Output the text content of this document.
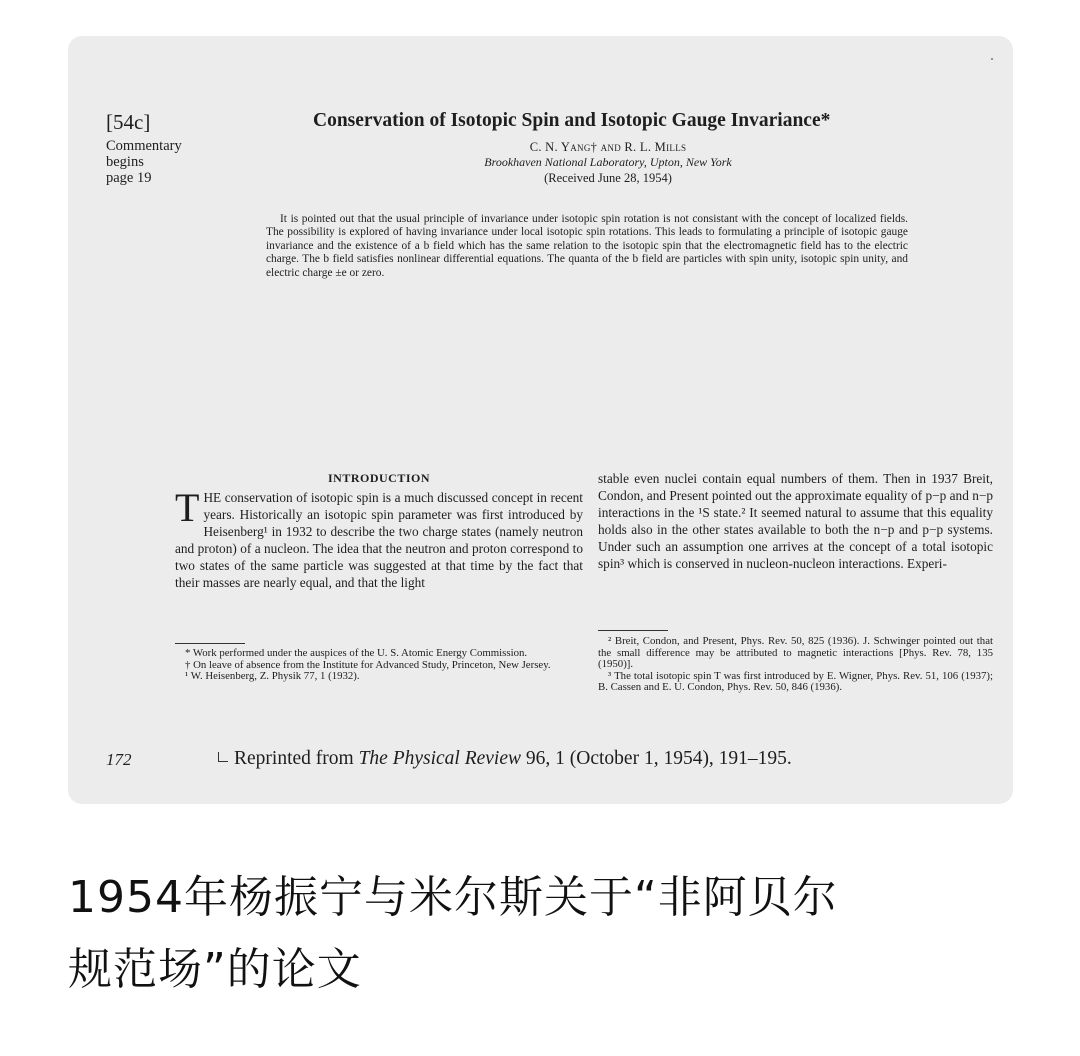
[54c]
Commentary
begins
page 19
Conservation of Isotopic Spin and Isotopic Gauge Invariance*
C. N. Yang† and R. L. Mills
Brookhaven National Laboratory, Upton, New York
(Received June 28, 1954)
It is pointed out that the usual principle of invariance under isotopic spin rotation is not consistant with the concept of localized fields. The possibility is explored of having invariance under local isotopic spin rotations. This leads to formulating a principle of isotopic gauge invariance and the existence of a b field which has the same relation to the isotopic spin that the electromagnetic field has to the electric charge. The b field satisfies nonlinear differential equations. The quanta of the b field are particles with spin unity, isotopic spin unity, and electric charge ±e or zero.
INTRODUCTION
T HE conservation of isotopic spin is a much discussed concept in recent years. Historically an isotopic spin parameter was first introduced by Heisenberg¹ in 1932 to describe the two charge states (namely neutron and proton) of a nucleon. The idea that the neutron and proton correspond to two states of the same particle was suggested at that time by the fact that their masses are nearly equal, and that the light
stable even nuclei contain equal numbers of them. Then in 1937 Breit, Condon, and Present pointed out the approximate equality of p−p and n−p interactions in the ¹S state.² It seemed natural to assume that this equality holds also in the other states available to both the n−p and p−p systems. Under such an assumption one arrives at the concept of a total isotopic spin³ which is conserved in nucleon-nucleon interactions. Experi-

* Work performed under the auspices of the U. S. Atomic Energy Commission.

† On leave of absence from the Institute for Advanced Study, Princeton, New Jersey.

¹ W. Heisenberg, Z. Physik 77, 1 (1932).

² Breit, Condon, and Present, Phys. Rev. 50, 825 (1936). J. Schwinger pointed out that the small difference may be attributed to magnetic interactions [Phys. Rev. 78, 135 (1950)].

³ The total isotopic spin T was first introduced by E. Wigner, Phys. Rev. 51, 106 (1937); B. Cassen and E. U. Condon, Phys. Rev. 50, 846 (1936).

172	Reprinted from The Physical Review 96, 1 (October 1, 1954), 191–195.
1954年杨振宁与米尔斯关于“非阿贝尔
规范场”的论文
